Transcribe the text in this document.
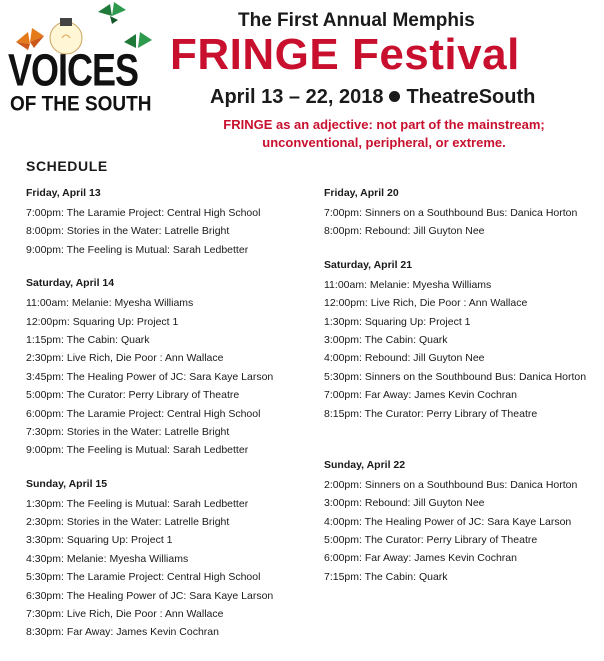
VOICES
OF THE SOUTH
The First Annual Memphis
FRINGE Festival
April 13 – 22, 2018 TheatreSouth
FRINGE as an adjective: not part of the mainstream;
unconventional, peripheral, or extreme.
SCHEDULE
Friday, April 13
7:00pm: The Laramie Project: Central High School
8:00pm: Stories in the Water: Latrelle Bright
9:00pm: The Feeling is Mutual: Sarah Ledbetter
Saturday, April 14
11:00am: Melanie: Myesha Williams
12:00pm: Squaring Up: Project 1
1:15pm: The Cabin: Quark
2:30pm: Live Rich, Die Poor : Ann Wallace
3:45pm: The Healing Power of JC: Sara Kaye Larson
5:00pm: The Curator: Perry Library of Theatre
6:00pm: The Laramie Project: Central High School
7:30pm: Stories in the Water: Latrelle Bright
9:00pm: The Feeling is Mutual: Sarah Ledbetter
Sunday, April 15
1:30pm: The Feeling is Mutual: Sarah Ledbetter
2:30pm: Stories in the Water: Latrelle Bright
3:30pm: Squaring Up: Project 1
4:30pm: Melanie: Myesha Williams
5:30pm: The Laramie Project: Central High School
6:30pm: The Healing Power of JC: Sara Kaye Larson
7:30pm: Live Rich, Die Poor : Ann Wallace
8:30pm: Far Away: James Kevin Cochran
Friday, April 20
7:00pm: Sinners on a Southbound Bus: Danica Horton
8:00pm: Rebound: Jill Guyton Nee
Saturday, April 21
11:00am: Melanie: Myesha Williams
12:00pm: Live Rich, Die Poor : Ann Wallace
1:30pm: Squaring Up: Project 1
3:00pm: The Cabin: Quark
4:00pm: Rebound: Jill Guyton Nee
5:30pm: Sinners on the Southbound Bus: Danica Horton
7:00pm: Far Away: James Kevin Cochran
8:15pm: The Curator: Perry Library of Theatre
Sunday, April 22
2:00pm: Sinners on a Southbound Bus: Danica Horton
3:00pm: Rebound: Jill Guyton Nee
4:00pm: The Healing Power of JC: Sara Kaye Larson
5:00pm: The Curator: Perry Library of Theatre
6:00pm: Far Away: James Kevin Cochran
7:15pm: The Cabin: Quark
